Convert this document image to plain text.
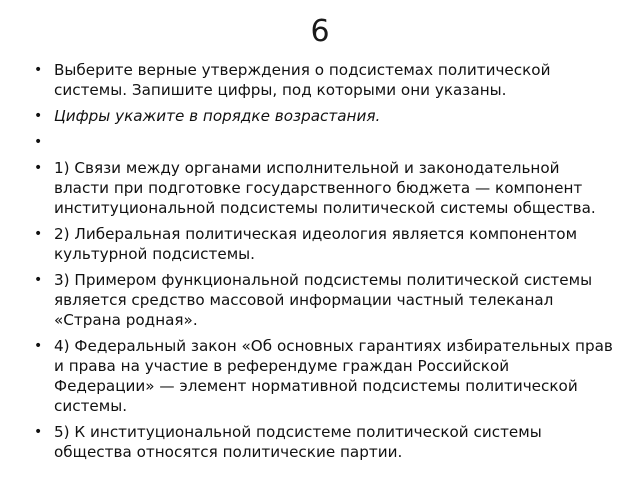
6
• Выберите верные утверждения о подсистемах политической системы. Запишите цифры, под которыми они указаны.
• Цифры укажите в порядке возрастания.
•
• 1) Связи между органами исполнительной и законодательной власти при подготовке государственного бюджета — компонент институциональной подсистемы политической системы общества.
• 2) Либеральная политическая идеология является компонентом культурной подсистемы.
• 3) Примером функциональной подсистемы политической системы является средство массовой информации частный телеканал «Страна родная».
• 4) Федеральный закон «Об основных гарантиях избирательных прав и права на участие в референдуме граждан Российской Федерации» — элемент нормативной подсистемы политической системы.
• 5) К институциональной подсистеме политической системы общества относятся политические партии.
